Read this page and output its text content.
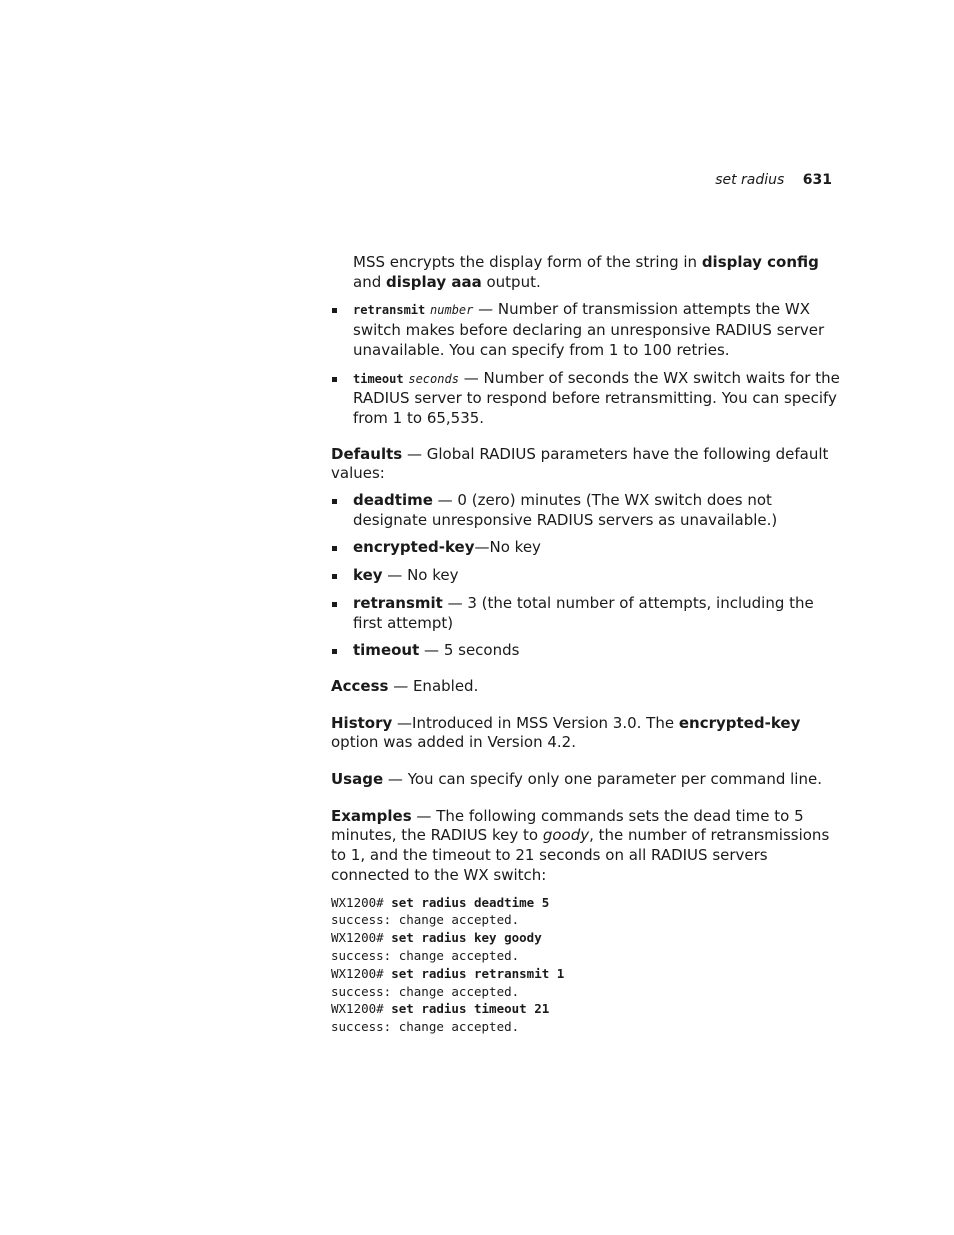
set radius 631

MSS encrypts the display form of the string in display config and display aaa output.

retransmit number — Number of transmission attempts the WX switch makes before declaring an unresponsive RADIUS server unavailable. You can specify from 1 to 100 retries.
timeout seconds — Number of seconds the WX switch waits for the RADIUS server to respond before retransmitting. You can specify from 1 to 65,535.

Defaults — Global RADIUS parameters have the following default values:

deadtime — 0 (zero) minutes (The WX switch does not designate unresponsive RADIUS servers as unavailable.)
encrypted-key—No key
key — No key
retransmit — 3 (the total number of attempts, including the first attempt)
timeout — 5 seconds

Access — Enabled.

History —Introduced in MSS Version 3.0. The encrypted-key option was added in Version 4.2.

Usage — You can specify only one parameter per command line.

Examples — The following commands sets the dead time to 5 minutes, the RADIUS key to goody, the number of retransmissions to 1, and the timeout to 21 seconds on all RADIUS servers connected to the WX switch:

WX1200# set radius deadtime 5
success: change accepted.
WX1200# set radius key goody
success: change accepted.
WX1200# set radius retransmit 1
success: change accepted.
WX1200# set radius timeout 21
success: change accepted.
